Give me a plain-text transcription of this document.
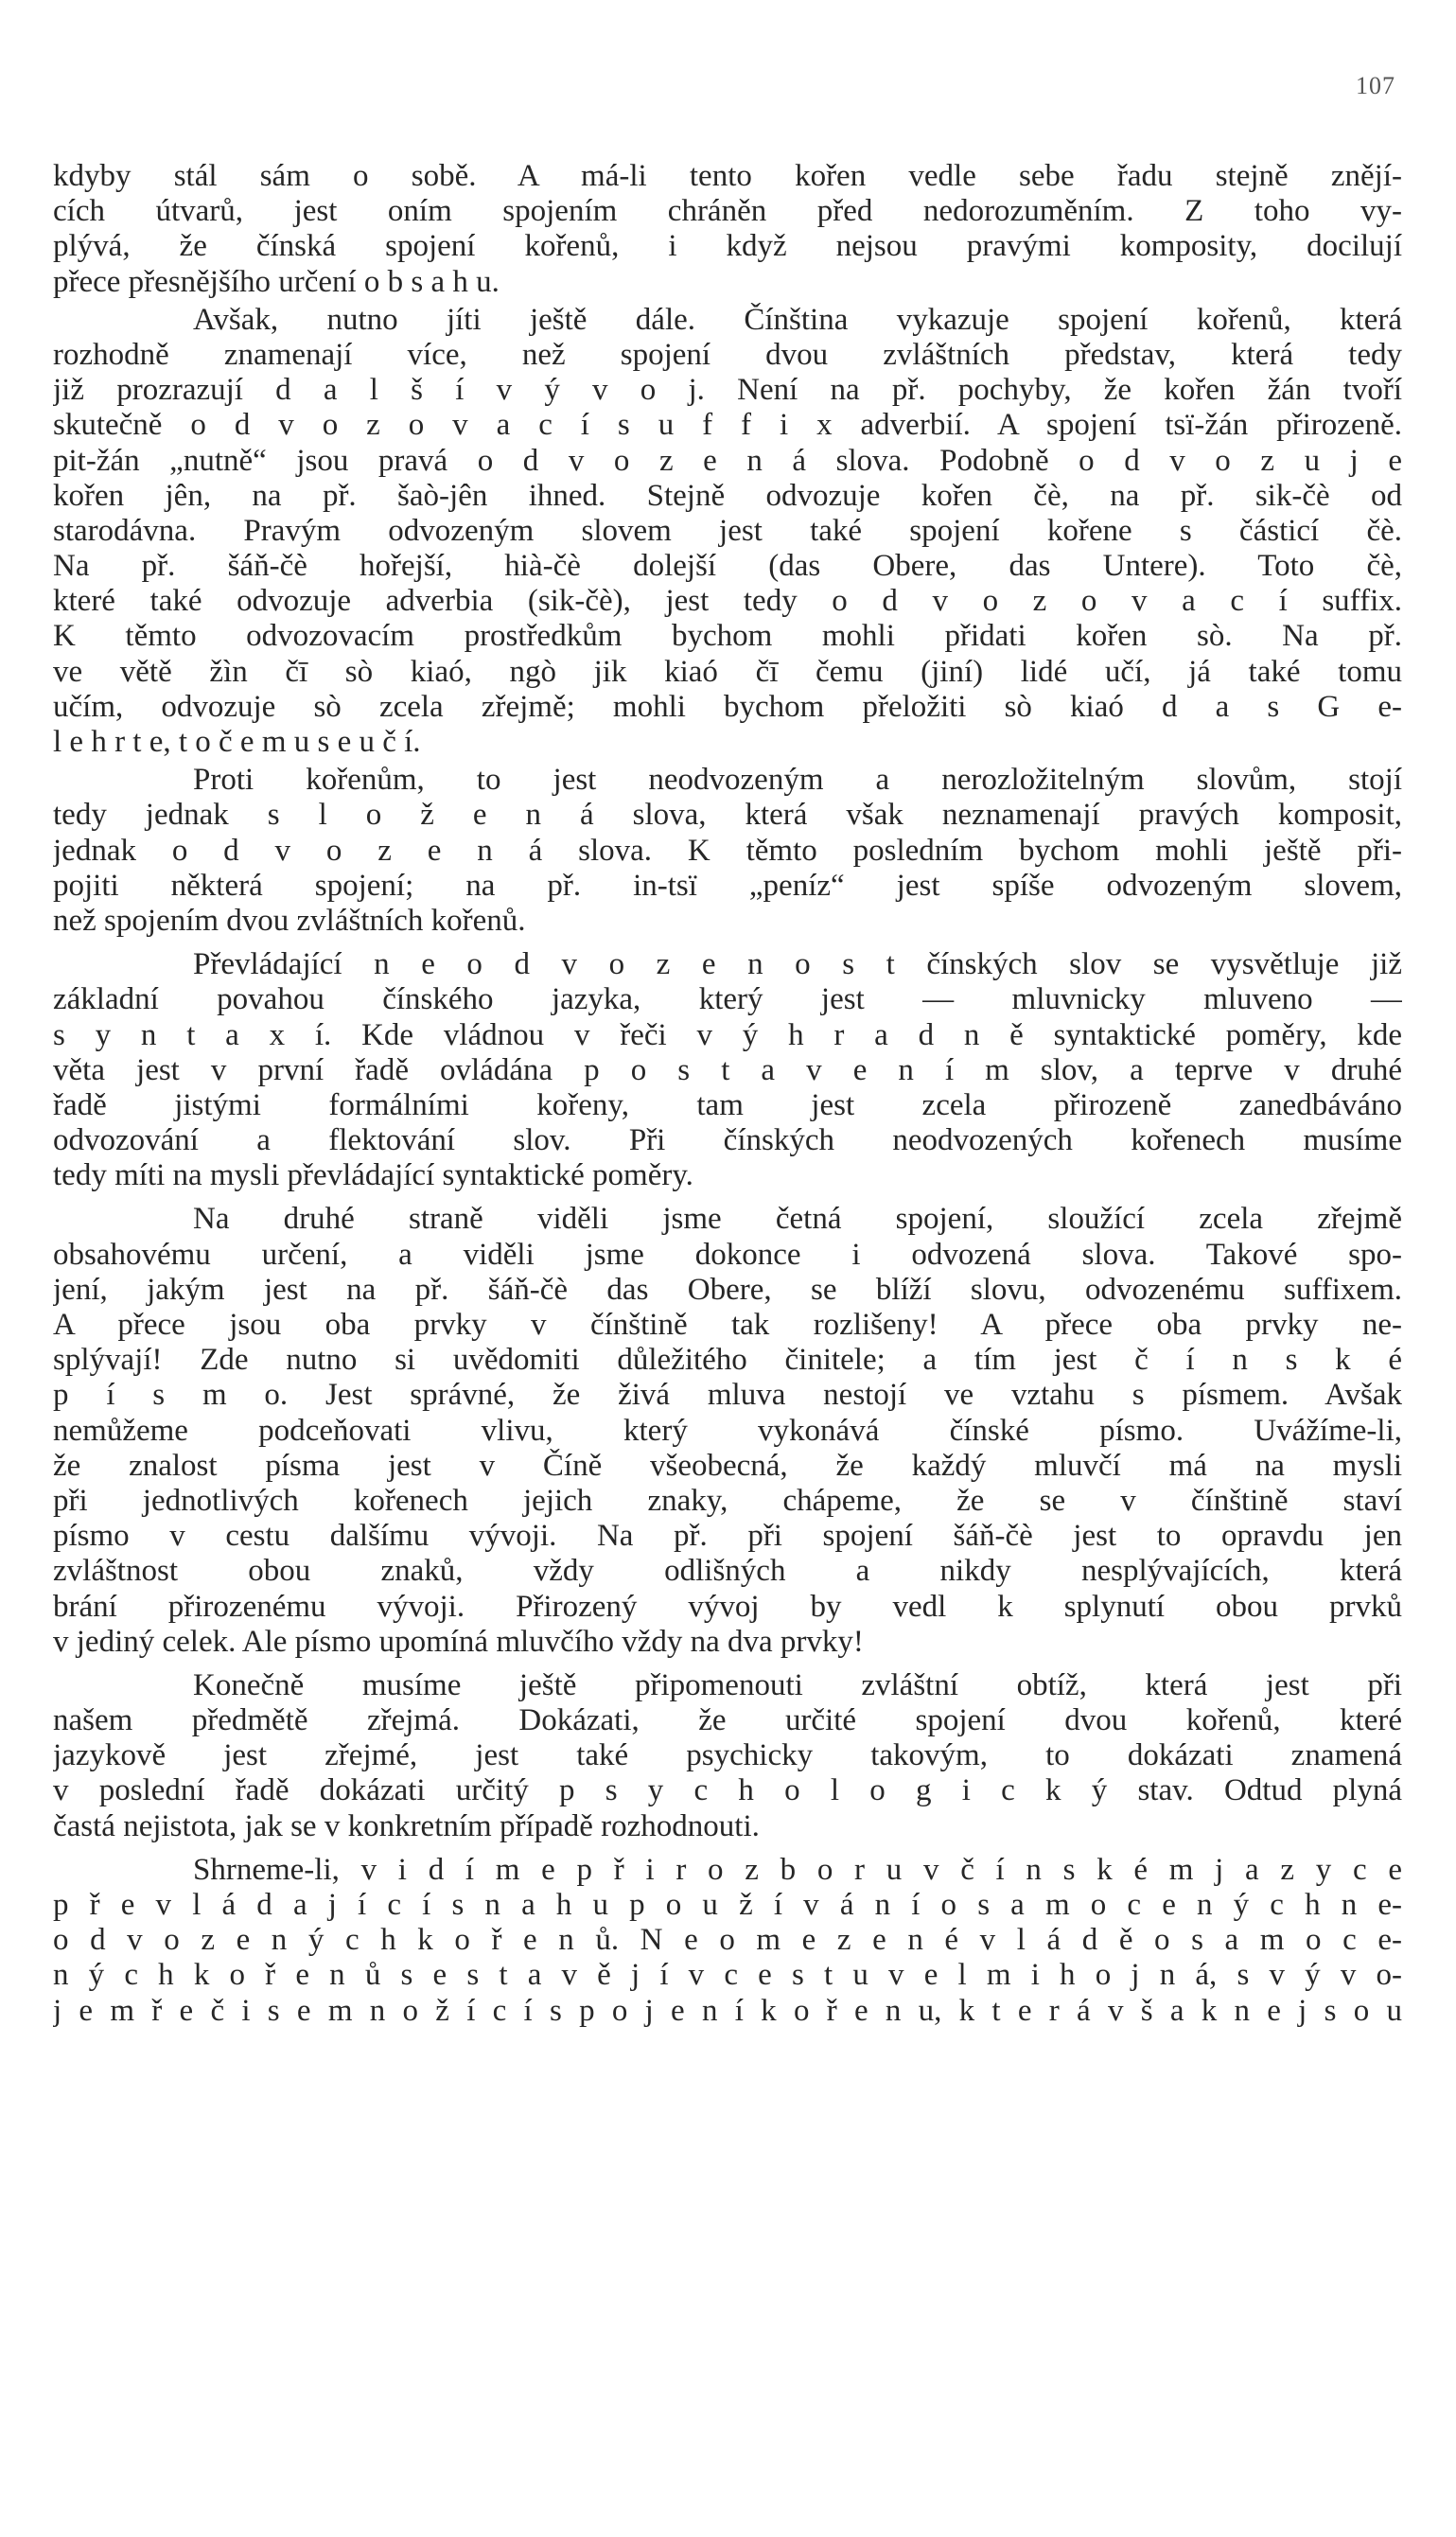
107
kdyby stál sám o sobě. A má-li tento kořen vedle sebe řadu stejně znějí-
cích útvarů, jest oním spojením chráněn před nedorozuměním. Z toho vy-
plývá, že čínská spojení kořenů, i když nejsou pravými komposity, docilují
přece přesnějšího určení o b s a h u.
Avšak, nutno jíti ještě dále. Čínština vykazuje spojení kořenů, která
rozhodně znamenají více, než spojení dvou zvláštních představ, která tedy
již prozrazují d a l š í v ý v o j. Není na př. pochyby, že kořen žán tvoří
skutečně o d v o z o v a c í s u f f i x adverbií. A spojení tsï-žán přirozeně.
pit-žán „nutně“ jsou pravá o d v o z e n á slova. Podobně o d v o z u j e
kořen jên, na př. šaò-jên ihned. Stejně odvozuje kořen čè, na př. sik-čè od
starodávna. Pravým odvozeným slovem jest také spojení kořene s částicí čè.
Na př. šáň-čè hořejší, hià-čè dolejší (das Obere, das Untere). Toto čè,
které také odvozuje adverbia (sik-čè), jest tedy o d v o z o v a c í suffix.
K těmto odvozovacím prostředkům bychom mohli přidati kořen sò. Na př.
ve větě žìn čī sò kiaó, ngò jik kiaó čī čemu (jiní) lidé učí, já také tomu
učím, odvozuje sò zcela zřejmě; mohli bychom přeložiti sò kiaó d a s G e-
l e h r t e, t o č e m u s e u č í.
Proti kořenům, to jest neodvozeným a nerozložitelným slovům, stojí
tedy jednak s l o ž e n á slova, která však neznamenají pravých komposit,
jednak o d v o z e n á slova. K těmto posledním bychom mohli ještě při-
pojiti některá spojení; na př. in-tsï „peníz“ jest spíše odvozeným slovem,
než spojením dvou zvláštních kořenů.
Převládající n e o d v o z e n o s t čínských slov se vysvětluje již
základní povahou čínského jazyka, který jest — mluvnicky mluveno —
s y n t a x í. Kde vládnou v řeči v ý h r a d n ě syntaktické poměry, kde
věta jest v první řadě ovládána p o s t a v e n í m slov, a teprve v druhé
řadě jistými formálními kořeny, tam jest zcela přirozeně zanedbáváno
odvozování a flektování slov. Při čínských neodvozených kořenech musíme
tedy míti na mysli převládající syntaktické poměry.
Na druhé straně viděli jsme četná spojení, sloužící zcela zřejmě
obsahovému určení, a viděli jsme dokonce i odvozená slova. Takové spo-
jení, jakým jest na př. šáň-čè das Obere, se blíží slovu, odvozenému suffixem.
A přece jsou oba prvky v čínštině tak rozlišeny! A přece oba prvky ne-
splývají! Zde nutno si uvědomiti důležitého činitele; a tím jest č í n s k é
p í s m o. Jest správné, že živá mluva nestojí ve vztahu s písmem. Avšak
nemůžeme podceňovati vlivu, který vykonává čínské písmo. Uvážíme-li,
že znalost písma jest v Číně všeobecná, že každý mluvčí má na mysli
při jednotlivých kořenech jejich znaky, chápeme, že se v čínštině staví
písmo v cestu dalšímu vývoji. Na př. při spojení šáň-čè jest to opravdu jen
zvláštnost obou znaků, vždy odlišných a nikdy nesplývajících, která
brání přirozenému vývoji. Přirozený vývoj by vedl k splynutí obou prvků
v jediný celek. Ale písmo upomíná mluvčího vždy na dva prvky!
Konečně musíme ještě připomenouti zvláštní obtíž, která jest při
našem předmětě zřejmá. Dokázati, že určité spojení dvou kořenů, které
jazykově jest zřejmé, jest také psychicky takovým, to dokázati znamená
v poslední řadě dokázati určitý p s y c h o l o g i c k ý stav. Odtud plyná
častá nejistota, jak se v konkretním případě rozhodnouti.
Shrneme-li, v i d í m e p ř i r o z b o r u v č í n s k é m j a z y c e
p ř e v l á d a j í c í s n a h u p o u ž í v á n í o s a m o c e n ý c h n e-
o d v o z e n ý c h k o ř e n ů. N e o m e z e n é v l á d ě o s a m o c e-
n ý c h k o ř e n ů s e s t a v ě j í v c e s t u v e l m i h o j n á, s v ý v o-
j e m ř e č i s e m n o ž í c í s p o j e n í k o ř e n u, k t e r á v š a k n e j s o u
